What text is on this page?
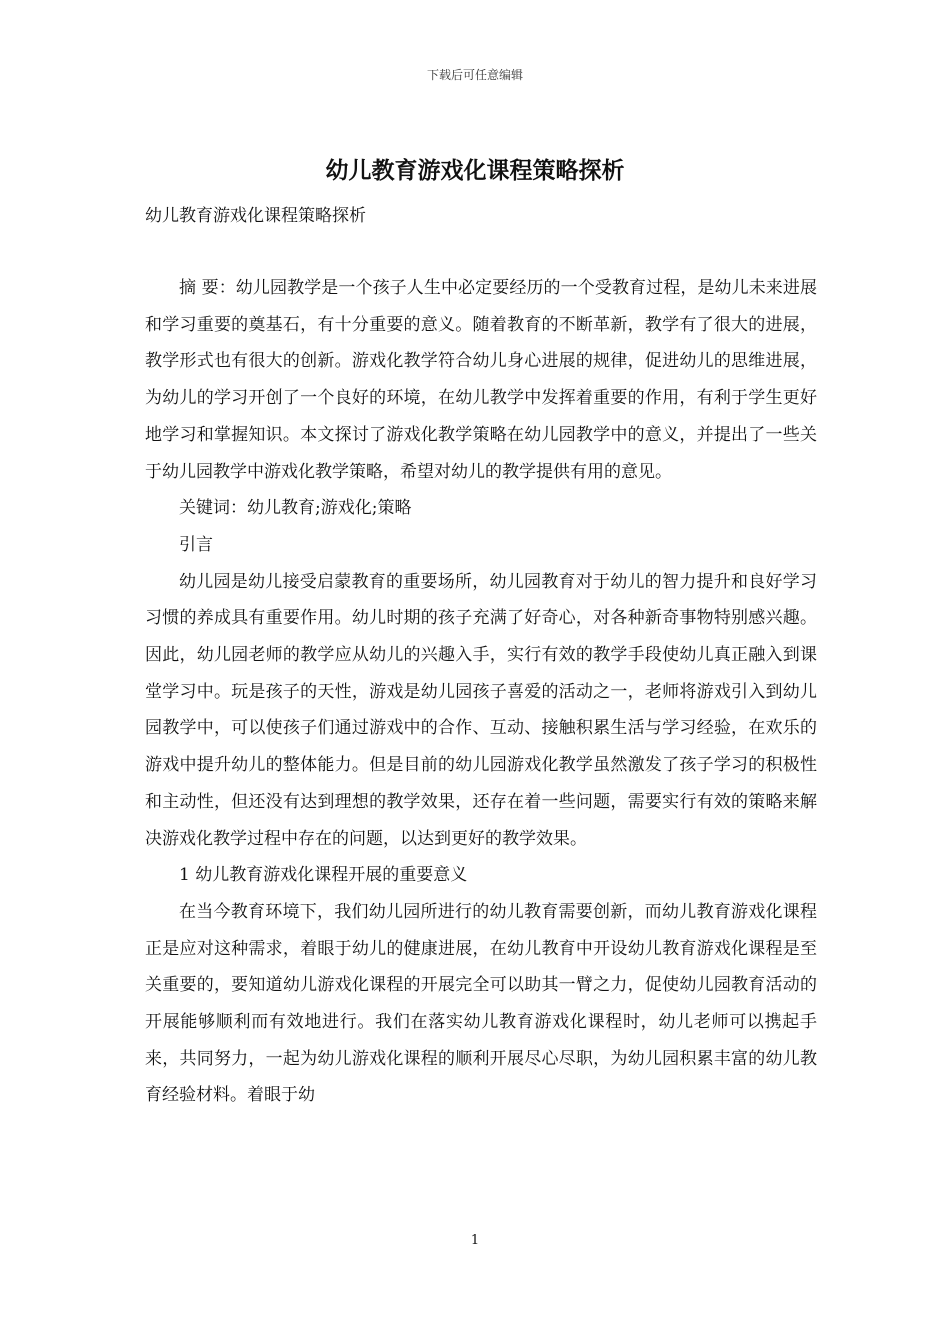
下载后可任意编辑
幼儿教育游戏化课程策略探析
幼儿教育游戏化课程策略探析

摘 要：幼儿园教学是一个孩子人生中必定要经历的一个受教育过程，是幼儿未来进展和学习重要的奠基石，有十分重要的意义。随着教育的不断革新，教学有了很大的进展，教学形式也有很大的创新。游戏化教学符合幼儿身心进展的规律，促进幼儿的思维进展，为幼儿的学习开创了一个良好的环境，在幼儿教学中发挥着重要的作用，有利于学生更好地学习和掌握知识。本文探讨了游戏化教学策略在幼儿园教学中的意义，并提出了一些关于幼儿园教学中游戏化教学策略，希望对幼儿的教学提供有用的意见。

关键词：幼儿教育;游戏化;策略

引言

幼儿园是幼儿接受启蒙教育的重要场所，幼儿园教育对于幼儿的智力提升和良好学习习惯的养成具有重要作用。幼儿时期的孩子充满了好奇心，对各种新奇事物特别感兴趣。因此，幼儿园老师的教学应从幼儿的兴趣入手，实行有效的教学手段使幼儿真正融入到课堂学习中。玩是孩子的天性，游戏是幼儿园孩子喜爱的活动之一，老师将游戏引入到幼儿园教学中，可以使孩子们通过游戏中的合作、互动、接触积累生活与学习经验，在欢乐的游戏中提升幼儿的整体能力。但是目前的幼儿园游戏化教学虽然激发了孩子学习的积极性和主动性，但还没有达到理想的教学效果，还存在着一些问题，需要实行有效的策略来解决游戏化教学过程中存在的问题，以达到更好的教学效果。

1 幼儿教育游戏化课程开展的重要意义

在当今教育环境下，我们幼儿园所进行的幼儿教育需要创新，而幼儿教育游戏化课程正是应对这种需求，着眼于幼儿的健康进展，在幼儿教育中开设幼儿教育游戏化课程是至关重要的，要知道幼儿游戏化课程的开展完全可以助其一臂之力，促使幼儿园教育活动的开展能够顺利而有效地进行。我们在落实幼儿教育游戏化课程时，幼儿老师可以携起手来，共同努力，一起为幼儿游戏化课程的顺利开展尽心尽职，为幼儿园积累丰富的幼儿教育经验材料。着眼于幼

1
